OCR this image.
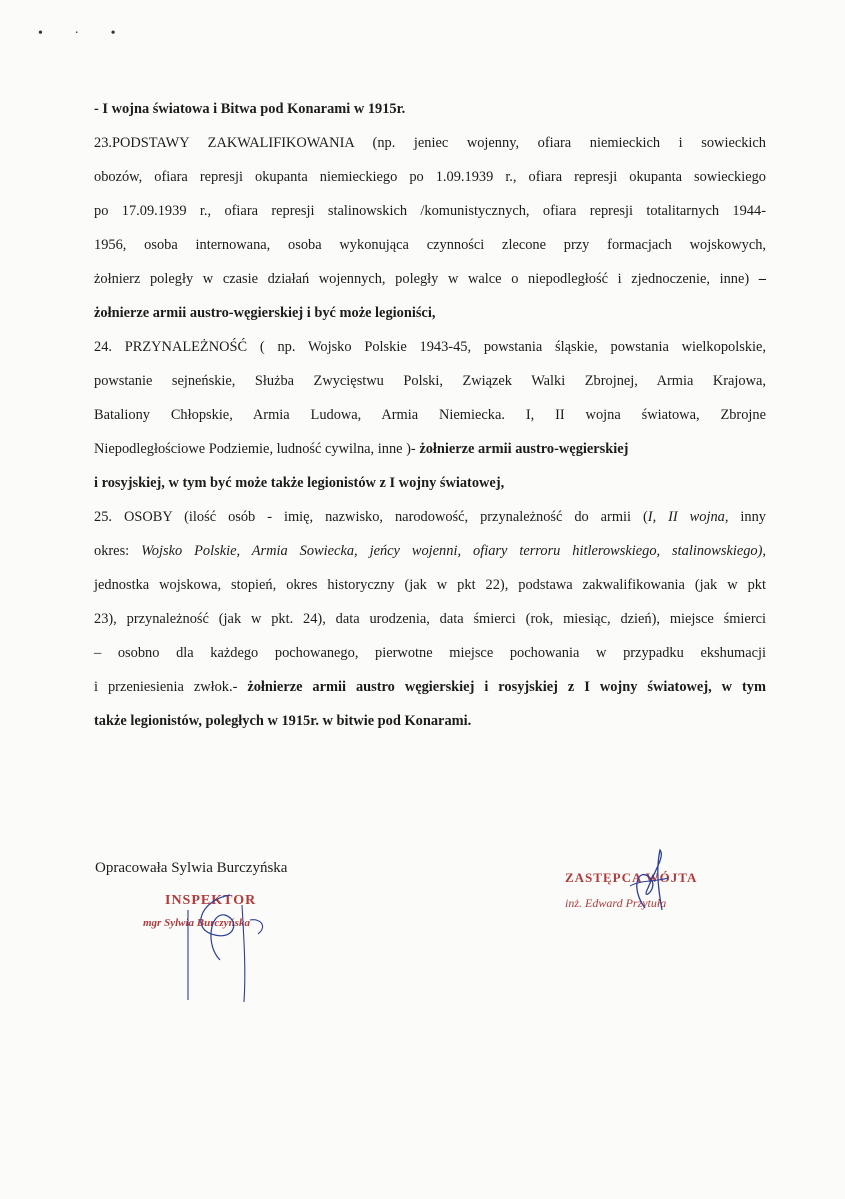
• · •
- I wojna światowa i Bitwa pod Konarami w 1915r.
23.PODSTAWY ZAKWALIFIKOWANIA (np. jeniec wojenny, ofiara niemieckich i sowieckich
obozów, ofiara represji okupanta niemieckiego po 1.09.1939 r., ofiara represji okupanta sowieckiego
po 17.09.1939 r., ofiara represji stalinowskich /komunistycznych, ofiara represji totalitarnych 1944-
1956, osoba internowana, osoba wykonująca czynności zlecone przy formacjach wojskowych,
żołnierz poległy w czasie działań wojennych, poległy w walce o niepodległość i zjednoczenie, inne) –
żołnierze armii austro-węgierskiej i być może legioniści,
24. PRZYNALEŻNOŚĆ ( np. Wojsko Polskie 1943-45, powstania śląskie, powstania wielkopolskie,
powstanie sejneńskie, Służba Zwycięstwu Polski, Związek Walki Zbrojnej, Armia Krajowa,
Bataliony Chłopskie, Armia Ludowa, Armia Niemiecka. I, II wojna światowa, Zbrojne
Niepodległościowe Podziemie, ludność cywilna, inne )- żołnierze armii austro-węgierskiej
i rosyjskiej, w tym być może także legionistów z I wojny światowej,
25. OSOBY (ilość osób - imię, nazwisko, narodowość, przynależność do armii (I, II wojna, inny
okres: Wojsko Polskie, Armia Sowiecka, jeńcy wojenni, ofiary terroru hitlerowskiego, stalinowskiego),
jednostka wojskowa, stopień, okres historyczny (jak w pkt 22), podstawa zakwalifikowania (jak w pkt
23), przynależność (jak w pkt. 24), data urodzenia, data śmierci (rok, miesiąc, dzień), miejsce śmierci
– osobno dla każdego pochowanego, pierwotne miejsce pochowania w przypadku ekshumacji
i przeniesienia zwłok.- żołnierze armii austro węgierskiej i rosyjskiej z I wojny światowej, w tym
także legionistów, poległych w 1915r. w bitwie pod Konarami.
Opracowała Sylwia Burczyńska
INSPEKTOR
mgr Sylwia Burczyńska
ZASTĘPCA WÓJTA
inż. Edward Przytuła
